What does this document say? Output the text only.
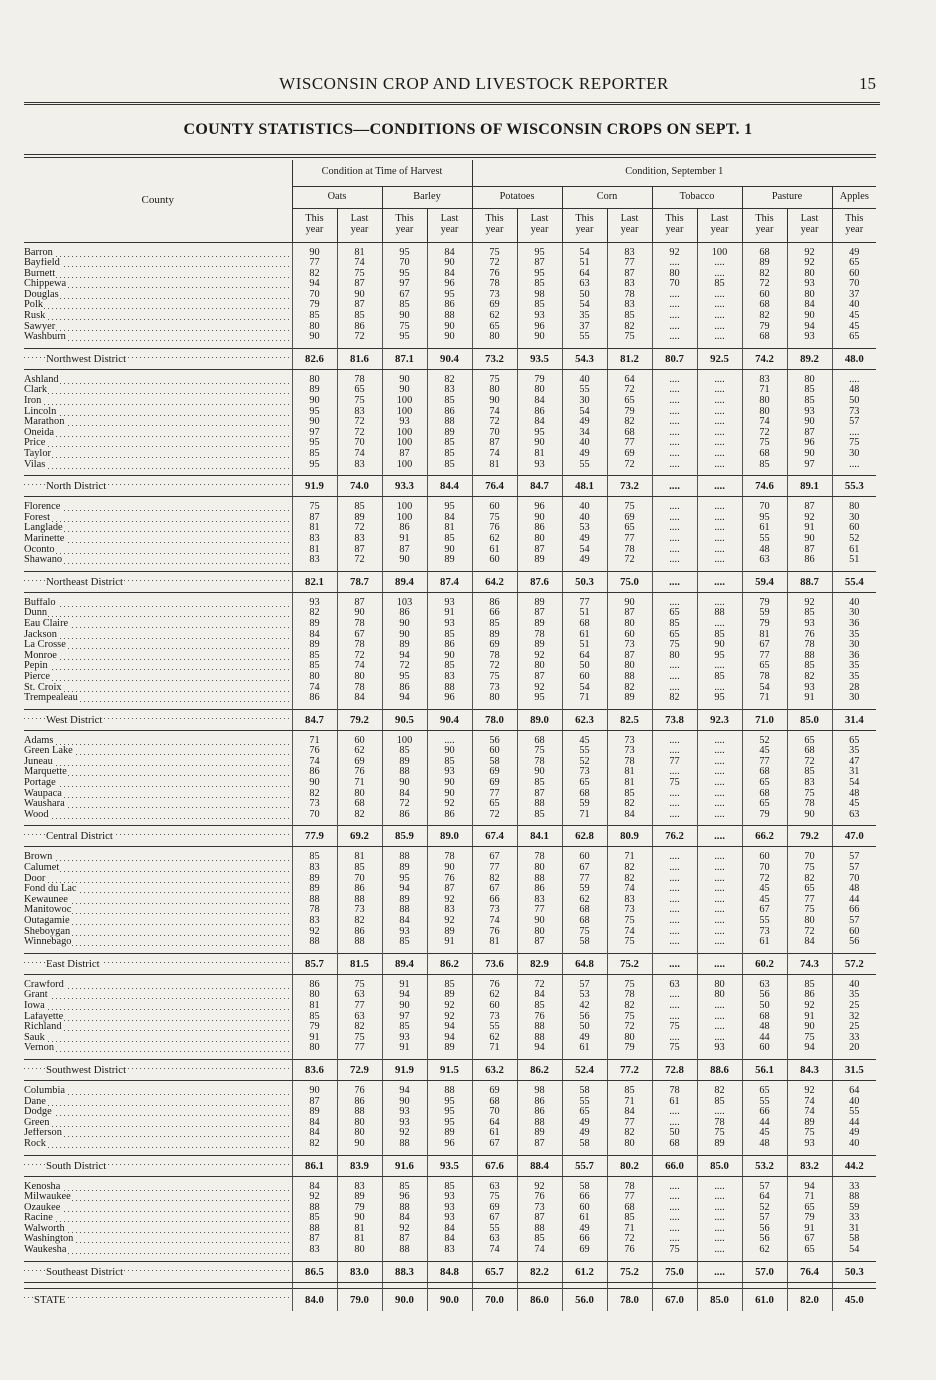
WISCONSIN CROP AND LIVESTOCK REPORTER	15
COUNTY STATISTICS—CONDITIONS OF WISCONSIN CROPS ON SEPT. 1
County	Condition at Time of Harvest				Condition, September 1								
	Oats		Barley		Potatoes		Corn		Tobacco		Pasture		Apples
	This year	Last year	This year	Last year	This year	Last year	This year	Last year	This year	Last year	This year	Last year	This year

Barron	90	81	95	84	75	95	54	83	92	100	68	92	49
Bayfield	77	74	70	90	72	87	51	77	....	....	89	92	65
Burnett	82	75	95	84	76	95	64	87	80	....	82	80	60
Chippewa	94	87	97	96	78	85	63	83	70	85	72	93	70
Douglas	70	90	67	95	73	98	50	78	....	....	60	80	37
Polk	79	87	85	86	69	85	54	83	....	....	68	84	40
Rusk	85	85	90	88	62	93	35	85	....	....	82	90	45
Sawyer	80	86	75	90	65	96	37	82	....	....	79	94	45
Washburn	90	72	95	90	80	90	55	75	....	....	68	93	65

Northwest District	82.6	81.6	87.1	90.4	73.2	93.5	54.3	81.2	80.7	92.5	74.2	89.2	48.0

Ashland	80	78	90	82	75	79	40	64	....	....	83	80	....
Clark	89	65	90	83	80	80	55	72	....	....	71	85	48
Iron	90	75	100	85	90	84	30	65	....	....	80	85	50
Lincoln	95	83	100	86	74	86	54	79	....	....	80	93	73
Marathon	90	72	93	88	72	84	49	82	....	....	74	90	57
Oneida	97	72	100	89	70	95	34	68	....	....	72	87	....
Price	95	70	100	85	87	90	40	77	....	....	75	96	75
Taylor	85	74	87	85	74	81	49	69	....	....	68	90	30
Vilas	95	83	100	85	81	93	55	72	....	....	85	97	....

North District	91.9	74.0	93.3	84.4	76.4	84.7	48.1	73.2	....	....	74.6	89.1	55.3

Florence	75	85	100	95	60	96	40	75	....	....	70	87	80
Forest	87	89	100	84	75	90	40	69	....	....	95	92	30
Langlade	81	72	86	81	76	86	53	65	....	....	61	91	60
Marinette	83	83	91	85	62	80	49	77	....	....	55	90	52
Oconto	81	87	87	90	61	87	54	78	....	....	48	87	61
Shawano	83	72	90	89	60	89	49	72	....	....	63	86	51

Northeast District	82.1	78.7	89.4	87.4	64.2	87.6	50.3	75.0	....	....	59.4	88.7	55.4

Buffalo	93	87	103	93	86	89	77	90	....	....	79	92	40
Dunn	82	90	86	91	66	87	51	87	65	88	59	85	30
Eau Claire	89	78	90	93	85	89	68	80	85	....	79	93	36
Jackson	84	67	90	85	89	78	61	60	65	85	81	76	35
La Crosse	89	78	89	86	69	89	51	73	75	90	67	78	30
Monroe	85	72	94	90	78	92	64	87	80	95	77	88	36
Pepin	85	74	72	85	72	80	50	80	....	....	65	85	35
Pierce	80	80	95	83	75	87	60	88	....	85	78	82	35
St. Croix	74	78	86	88	73	92	54	82	....	....	54	93	28
Trempealeau	86	84	94	96	80	95	71	89	82	95	71	91	30

West District	84.7	79.2	90.5	90.4	78.0	89.0	62.3	82.5	73.8	92.3	71.0	85.0	31.4

Adams	71	60	100	....	56	68	45	73	....	....	52	65	65
Green Lake	76	62	85	90	60	75	55	73	....	....	45	68	35
Juneau	74	69	89	85	58	78	52	78	77	....	77	72	47
Marquette	86	76	88	93	69	90	73	81	....	....	68	85	31
Portage	90	71	90	90	69	85	65	81	75	....	65	83	54
Waupaca	82	80	84	90	77	87	68	85	....	....	68	75	48
Waushara	73	68	72	92	65	88	59	82	....	....	65	78	45
Wood	70	82	86	86	72	85	71	84	....	....	79	90	63

Central District	77.9	69.2	85.9	89.0	67.4	84.1	62.8	80.9	76.2	....	66.2	79.2	47.0

Brown	85	81	88	78	67	78	60	71	....	....	60	70	57
Calumet	83	85	89	90	77	80	67	82	....	....	70	75	57
Door	89	70	95	76	82	88	77	82	....	....	72	82	70
Fond du Lac	89	86	94	87	67	86	59	74	....	....	45	65	48
Kewaunee	88	88	89	92	66	83	62	83	....	....	45	77	44
Manitowoc	78	73	88	83	73	77	68	73	....	....	67	75	66
Outagamie	83	82	84	92	74	90	68	75	....	....	55	80	57
Sheboygan	92	86	93	89	76	80	75	74	....	....	73	72	60
Winnebago	88	88	85	91	81	87	58	75	....	....	61	84	56

East District	85.7	81.5	89.4	86.2	73.6	82.9	64.8	75.2	....	....	60.2	74.3	57.2

Crawford	86	75	91	85	76	72	57	75	63	80	63	85	40
Grant	80	63	94	89	62	84	53	78	....	80	56	86	35
Iowa	81	77	90	92	60	85	42	82	....	....	50	92	25
Lafayette	85	63	97	92	73	76	56	75	....	....	68	91	32
Richland	79	82	85	94	55	88	50	72	75	....	48	90	25
Sauk	91	75	93	94	62	88	49	80	....	....	44	75	33
Vernon	80	77	91	89	71	94	61	79	75	93	60	94	20

Southwest District	83.6	72.9	91.9	91.5	63.2	86.2	52.4	77.2	72.8	88.6	56.1	84.3	31.5

Columbia	90	76	94	88	69	98	58	85	78	82	65	92	64
Dane	87	86	90	95	68	86	55	71	61	85	55	74	40
Dodge	89	88	93	95	70	86	65	84	....	....	66	74	55
Green	84	80	93	95	64	88	49	77	....	78	44	89	44
Jefferson	84	80	92	89	61	89	49	82	50	75	45	75	49
Rock	82	90	88	96	67	87	58	80	68	89	48	93	40

South District	86.1	83.9	91.6	93.5	67.6	88.4	55.7	80.2	66.0	85.0	53.2	83.2	44.2

Kenosha	84	83	85	85	63	92	58	78	....	....	57	94	33
Milwaukee	92	89	96	93	75	76	66	77	....	....	64	71	88
Ozaukee	88	79	88	93	69	73	60	68	....	....	52	65	59
Racine	85	90	84	93	67	87	61	85	....	....	57	79	33
Walworth	88	81	92	84	55	88	49	71	....	....	56	91	31
Washington	87	81	87	84	63	85	66	72	....	....	56	67	58
Waukesha	83	80	88	83	74	74	69	76	75	....	62	65	54

Southeast District	86.5	83.0	88.3	84.8	65.7	82.2	61.2	75.2	75.0	....	57.0	76.4	50.3

STATE	84.0	79.0	90.0	90.0	70.0	86.0	56.0	78.0	67.0	85.0	61.0	82.0	45.0
